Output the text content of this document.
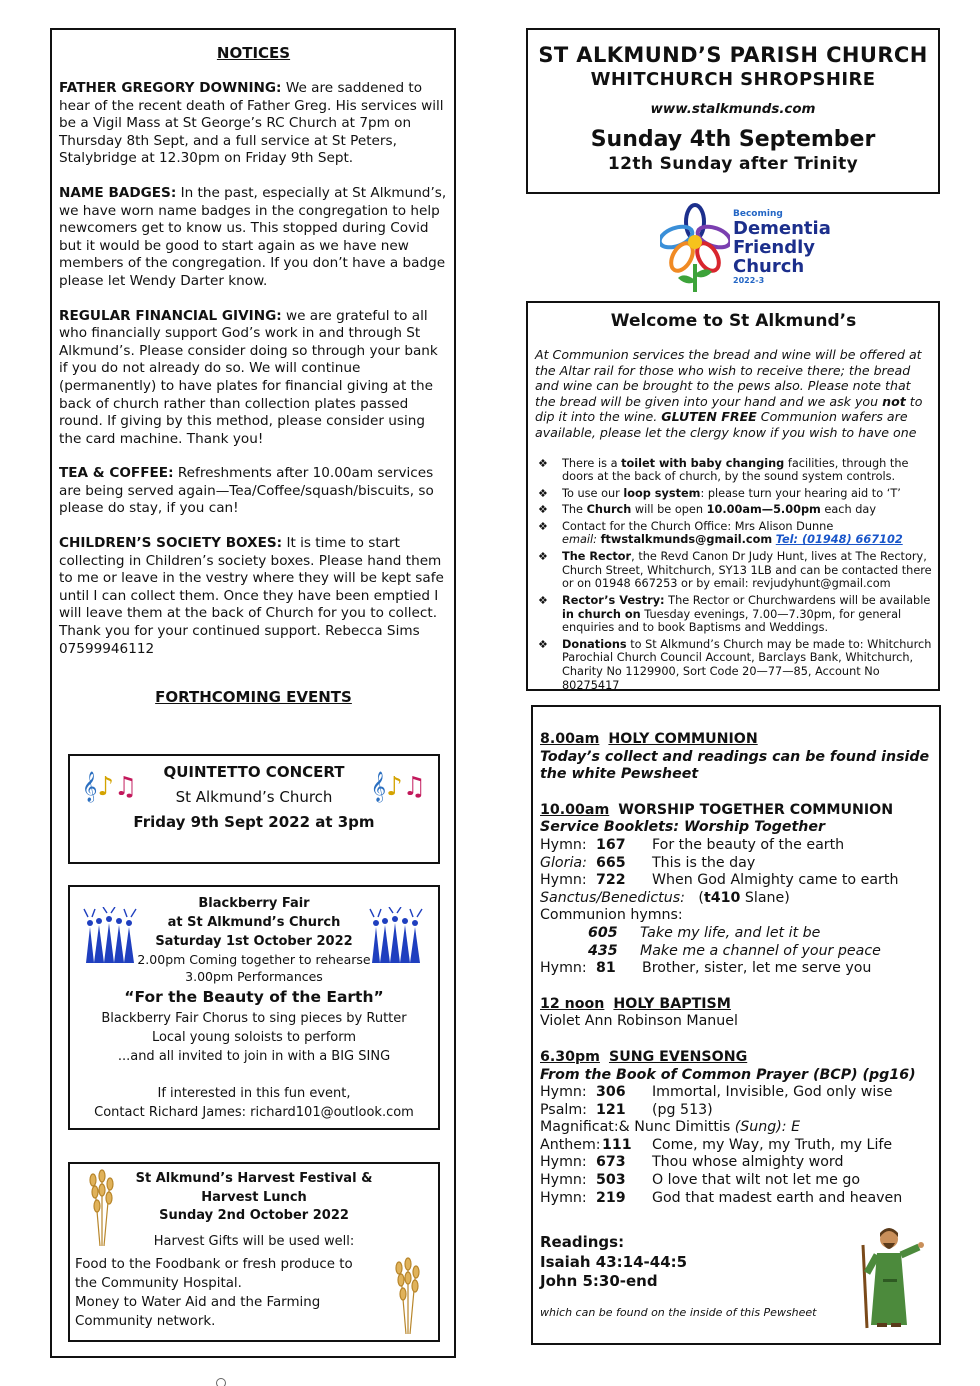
NOTICES

FATHER GREGORY DOWNING: We are saddened to hear of the recent death of Father Greg. His services will be a Vigil Mass at St George’s RC Church at 7pm on Thursday 8th Sept, and a full service at St Peters, Stalybridge at 12.30pm on Friday 9th Sept.

NAME BADGES: In the past, especially at St Alkmund’s, we have worn name badges in the congregation to help newcomers get to know us. This stopped during Covid but it would be good to start again as we have new members of the congregation. If you don’t have a badge please let Wendy Darter know.

REGULAR FINANCIAL GIVING: we are grateful to all who financially support God’s work in and through St Alkmund’s. Please consider doing so through your bank if you do not already do so. We will continue (permanently) to have plates for financial giving at the back of church rather than collection plates passed round. If giving by this method, please consider using the card machine. Thank you!

TEA & COFFEE: Refreshments after 10.00am services are being served again—Tea/Coffee/squash/biscuits, so please do stay, if you can!

CHILDREN’S SOCIETY BOXES: It is time to start collecting in Children’s society boxes. Please hand them to me or leave in the vestry where they will be kept safe until I can collect them. Once they have been emptied I will leave them at the back of Church for you to collect. Thank you for your continued support. Rebecca Sims 07599946112

FORTHCOMING EVENTS
𝄞♪♫	𝄞♪♫
QUINTETTO CONCERT
St Alkmund’s Church
Friday 9th Sept 2022 at 3pm
Blackberry Fair
at St Alkmund’s Church
Saturday 1st October 2022
2.00pm Coming together to rehearse
3.00pm Performances
“For the Beauty of the Earth”
Blackberry Fair Chorus to sing pieces by Rutter
Local young soloists to perform
...and all invited to join in with a BIG SING
If interested in this fun event,
Contact Richard James: richard101@outlook.com
St Alkmund’s Harvest Festival &
Harvest Lunch
Sunday 2nd October 2022
Harvest Gifts will be used well:
Food to the Foodbank or fresh produce to
the Community Hospital.
Money to Water Aid and the Farming
Community network.
ST ALKMUND’S PARISH CHURCH
WHITCHURCH SHROPSHIRE
www.stalkmunds.com
Sunday 4th September
12th Sunday after Trinity
Becoming
Dementia
Friendly
Church
2022-3
Welcome to St Alkmund’s

At Communion services the bread and wine will be offered at the Altar rail for those who wish to receive there; the bread and wine can be brought to the pews also. Please note that the bread will be given into your hand and we ask you not to dip it into the wine. GLUTEN FREE Communion wafers are available, please let the clergy know if you wish to have one

❖ There is a toilet with baby changing facilities, through the doors at the back of church, by the sound system controls.
❖ To use our loop system: please turn your hearing aid to ‘T’
❖ The Church will be open 10.00am—5.00pm each day
❖ Contact for the Church Office: Mrs Alison Dunne
email: ftwstalkmunds@gmail.com Tel: (01948) 667102
❖ The Rector, the Revd Canon Dr Judy Hunt, lives at The Rectory, Church Street, Whitchurch, SY13 1LB and can be contacted there or on 01948 667253 or by email: revjudyhunt@gmail.com
❖ Rector’s Vestry: The Rector or Churchwardens will be available in church on Tuesday evenings, 7.00—7.30pm, for general enquiries and to book Baptisms and Weddings.
❖ Donations to St Alkmund’s Church may be made to: Whitchurch Parochial Church Council Account, Barclays Bank, Whitchurch, Charity No 1129900, Sort Code 20—77—85, Account No 80275417
8.00am HOLY COMMUNION
Today’s collect and readings can be found inside
the white Pewsheet
10.00am WORSHIP TOGETHER COMMUNION
Service Booklets: Worship Together
Hymn: 167	For the beauty of the earth
Gloria: 665	This is the day
Hymn: 722	When God Almighty came to earth
Sanctus/Benedictus:   (t410 Slane)
Communion hymns:
605 Take my life, and let it be
435 Make me a channel of your peace
Hymn: 81	Brother, sister, let me serve you
12 noon HOLY BAPTISM
Violet Ann Robinson Manuel
6.30pm SUNG EVENSONG
From the Book of Common Prayer (BCP) (pg16)
Hymn: 306	Immortal, Invisible, God only wise
Psalm: 121	(pg 513)
Magnificat:& Nunc Dimittis (Sung): E
Anthem: 111	Come, my Way, my Truth, my Life
Hymn: 673	Thou whose almighty word
Hymn: 503	O love that wilt not let me go
Hymn: 219	God that madest earth and heaven
Readings:
Isaiah 43:14-44:5
John 5:30-end
which can be found on the inside of this Pewsheet
